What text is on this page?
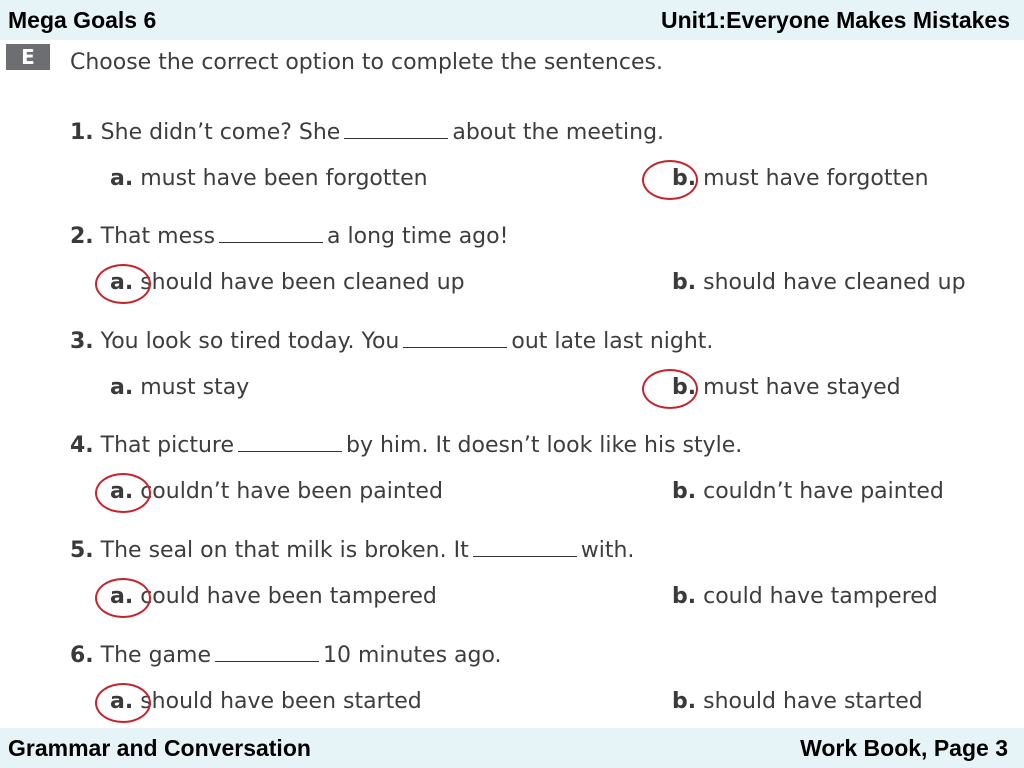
Mega Goals 6	Unit1:Everyone Makes Mistakes
E	Choose the correct option to complete the sentences.
1. She didn’t come? She	about the meeting.
a. must have been forgotten	b. must have forgotten
2. That mess	a long time ago!
a. should have been cleaned up	b. should have cleaned up
3. You look so tired today. You	out late last night.
a. must stay	b. must have stayed
4. That picture	by him. It doesn’t look like his style.
a. couldn’t have been painted	b. couldn’t have painted
5. The seal on that milk is broken. It	with.
a. could have been tampered	b. could have tampered
6. The game	10 minutes ago.
a. should have been started	b. should have started
Grammar and Conversation	Work Book, Page 3
